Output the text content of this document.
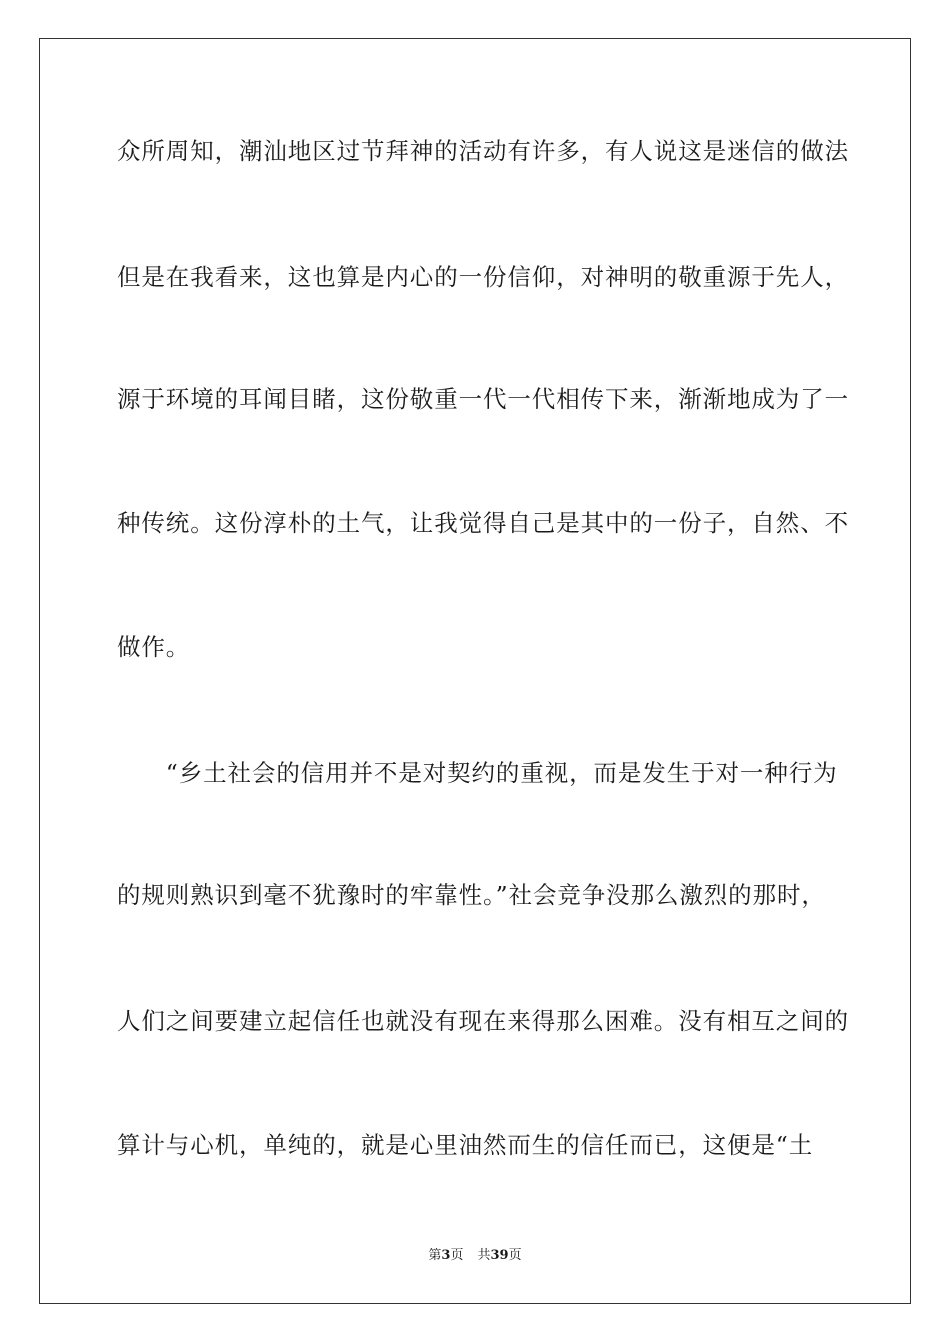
众所周知，潮汕地区过节拜神的活动有许多，有人说这是迷信的做法
但是在我看来，这也算是内心的一份信仰，对神明的敬重源于先人，
源于环境的耳闻目睹，这份敬重一代一代相传下来，渐渐地成为了一
种传统。这份淳朴的土气，让我觉得自己是其中的一份子，自然、不
做作。
　　“乡土社会的信用并不是对契约的重视，而是发生于对一种行为
的规则熟识到毫不犹豫时的牢靠性。”社会竞争没那么激烈的那时，
人们之间要建立起信任也就没有现在来得那么困难。没有相互之间的
算计与心机，单纯的，就是心里油然而生的信任而已，这便是“土
第3页 共39页
